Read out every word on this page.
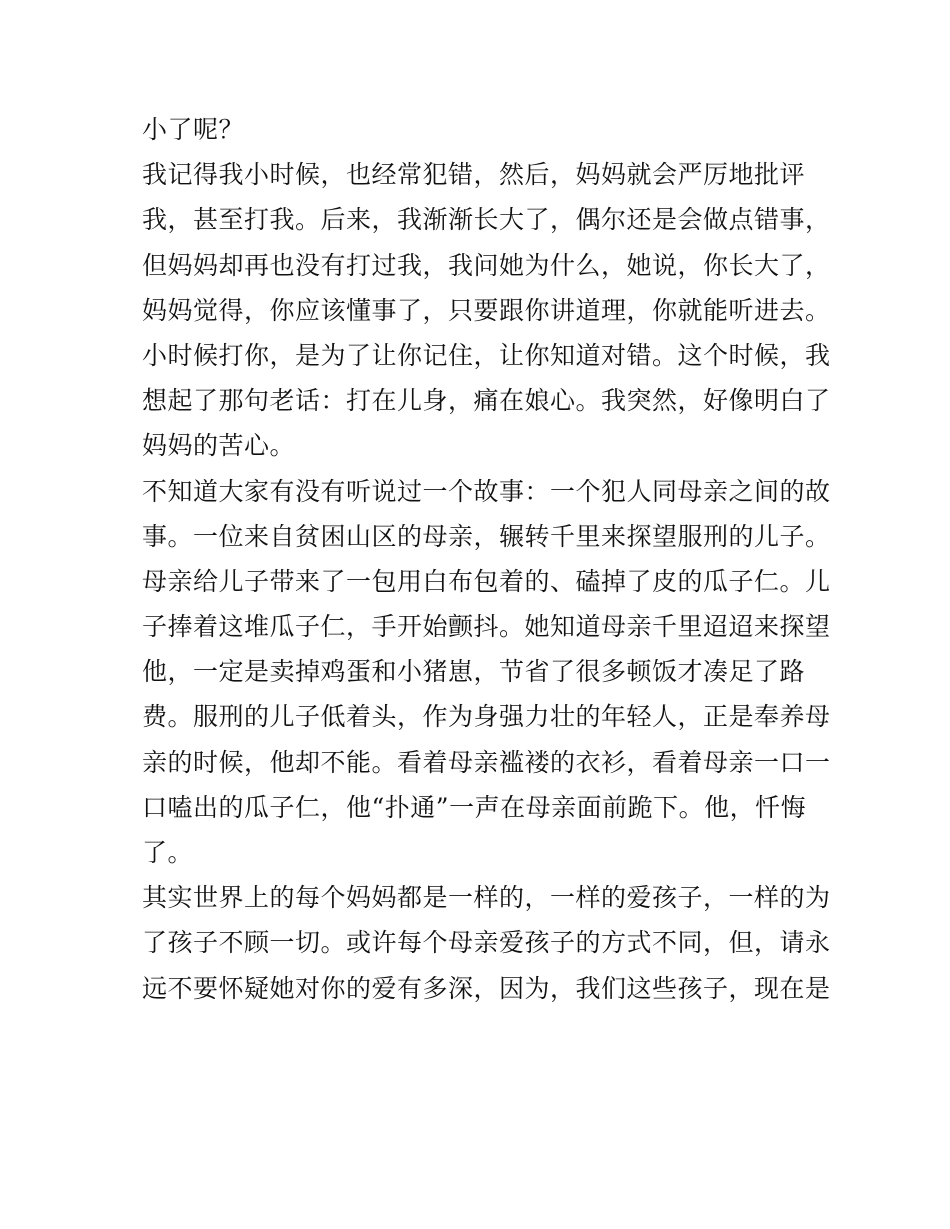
小了呢？
我记得我小时候，也经常犯错，然后，妈妈就会严厉地批评
我，甚至打我。后来，我渐渐长大了，偶尔还是会做点错事，
但妈妈却再也没有打过我，我问她为什么，她说，你长大了，
妈妈觉得，你应该懂事了，只要跟你讲道理，你就能听进去。
小时候打你，是为了让你记住，让你知道对错。这个时候，我
想起了那句老话：打在儿身，痛在娘心。我突然，好像明白了
妈妈的苦心。
不知道大家有没有听说过一个故事：一个犯人同母亲之间的故
事。一位来自贫困山区的母亲，辗转千里来探望服刑的儿子。
母亲给儿子带来了一包用白布包着的、磕掉了皮的瓜子仁。儿
子捧着这堆瓜子仁，手开始颤抖。她知道母亲千里迢迢来探望
他，一定是卖掉鸡蛋和小猪崽，节省了很多顿饭才凑足了路
费。服刑的儿子低着头，作为身强力壮的年轻人，正是奉养母
亲的时候，他却不能。看着母亲褴褛的衣衫，看着母亲一口一
口嗑出的瓜子仁，他“扑通”一声在母亲面前跪下。他，忏悔
了。
其实世界上的每个妈妈都是一样的，一样的爱孩子，一样的为
了孩子不顾一切。或许每个母亲爱孩子的方式不同，但，请永
远不要怀疑她对你的爱有多深，因为，我们这些孩子，现在是
